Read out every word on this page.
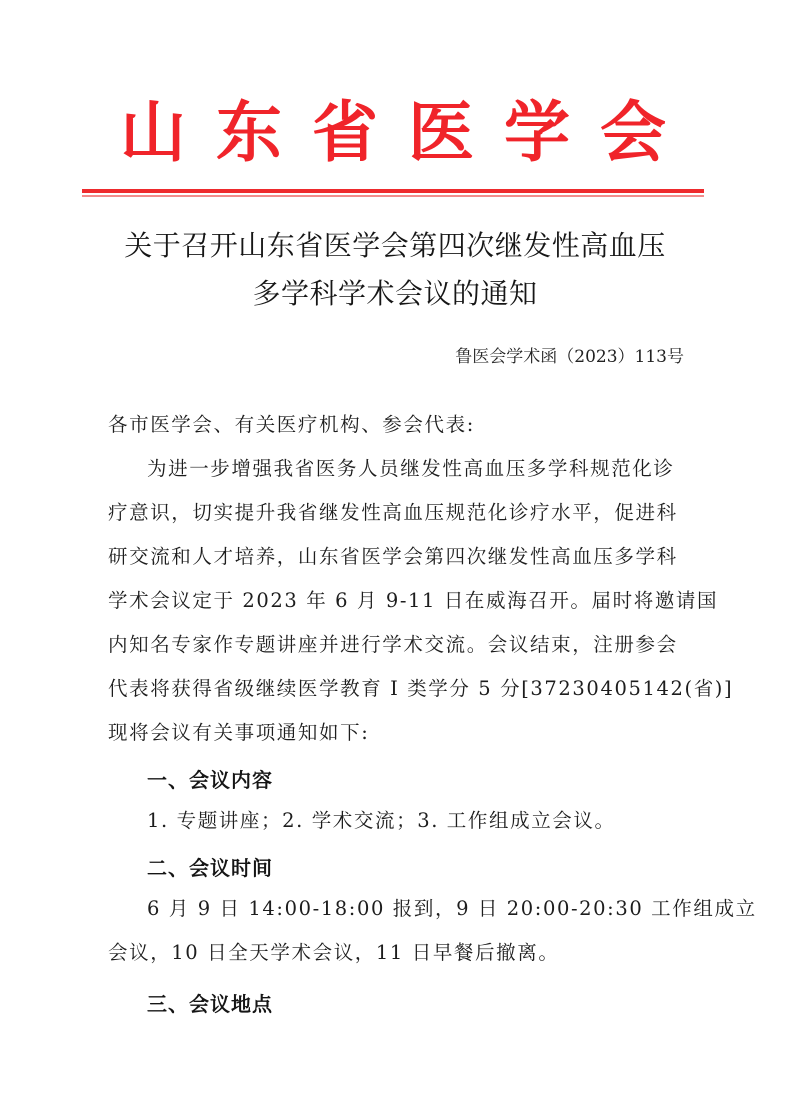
山东省医学会
关于召开山东省医学会第四次继发性高血压
多学科学术会议的通知
鲁医会学术函（2023）113号
各市医学会、有关医疗机构、参会代表:
为进一步增强我省医务人员继发性高血压多学科规范化诊
疗意识，切实提升我省继发性高血压规范化诊疗水平，促进科
研交流和人才培养，山东省医学会第四次继发性高血压多学科
学术会议定于 2023 年 6 月 9-11 日在威海召开。届时将邀请国
内知名专家作专题讲座并进行学术交流。会议结束，注册参会
代表将获得省级继续医学教育 I 类学分 5 分[37230405142(省)]
现将会议有关事项通知如下:
一、会议内容
1. 专题讲座；2. 学术交流；3. 工作组成立会议。
二、会议时间
6 月 9 日 14:00-18:00 报到，9 日 20:00-20:30 工作组成立
会议，10 日全天学术会议，11 日早餐后撤离。
三、会议地点
